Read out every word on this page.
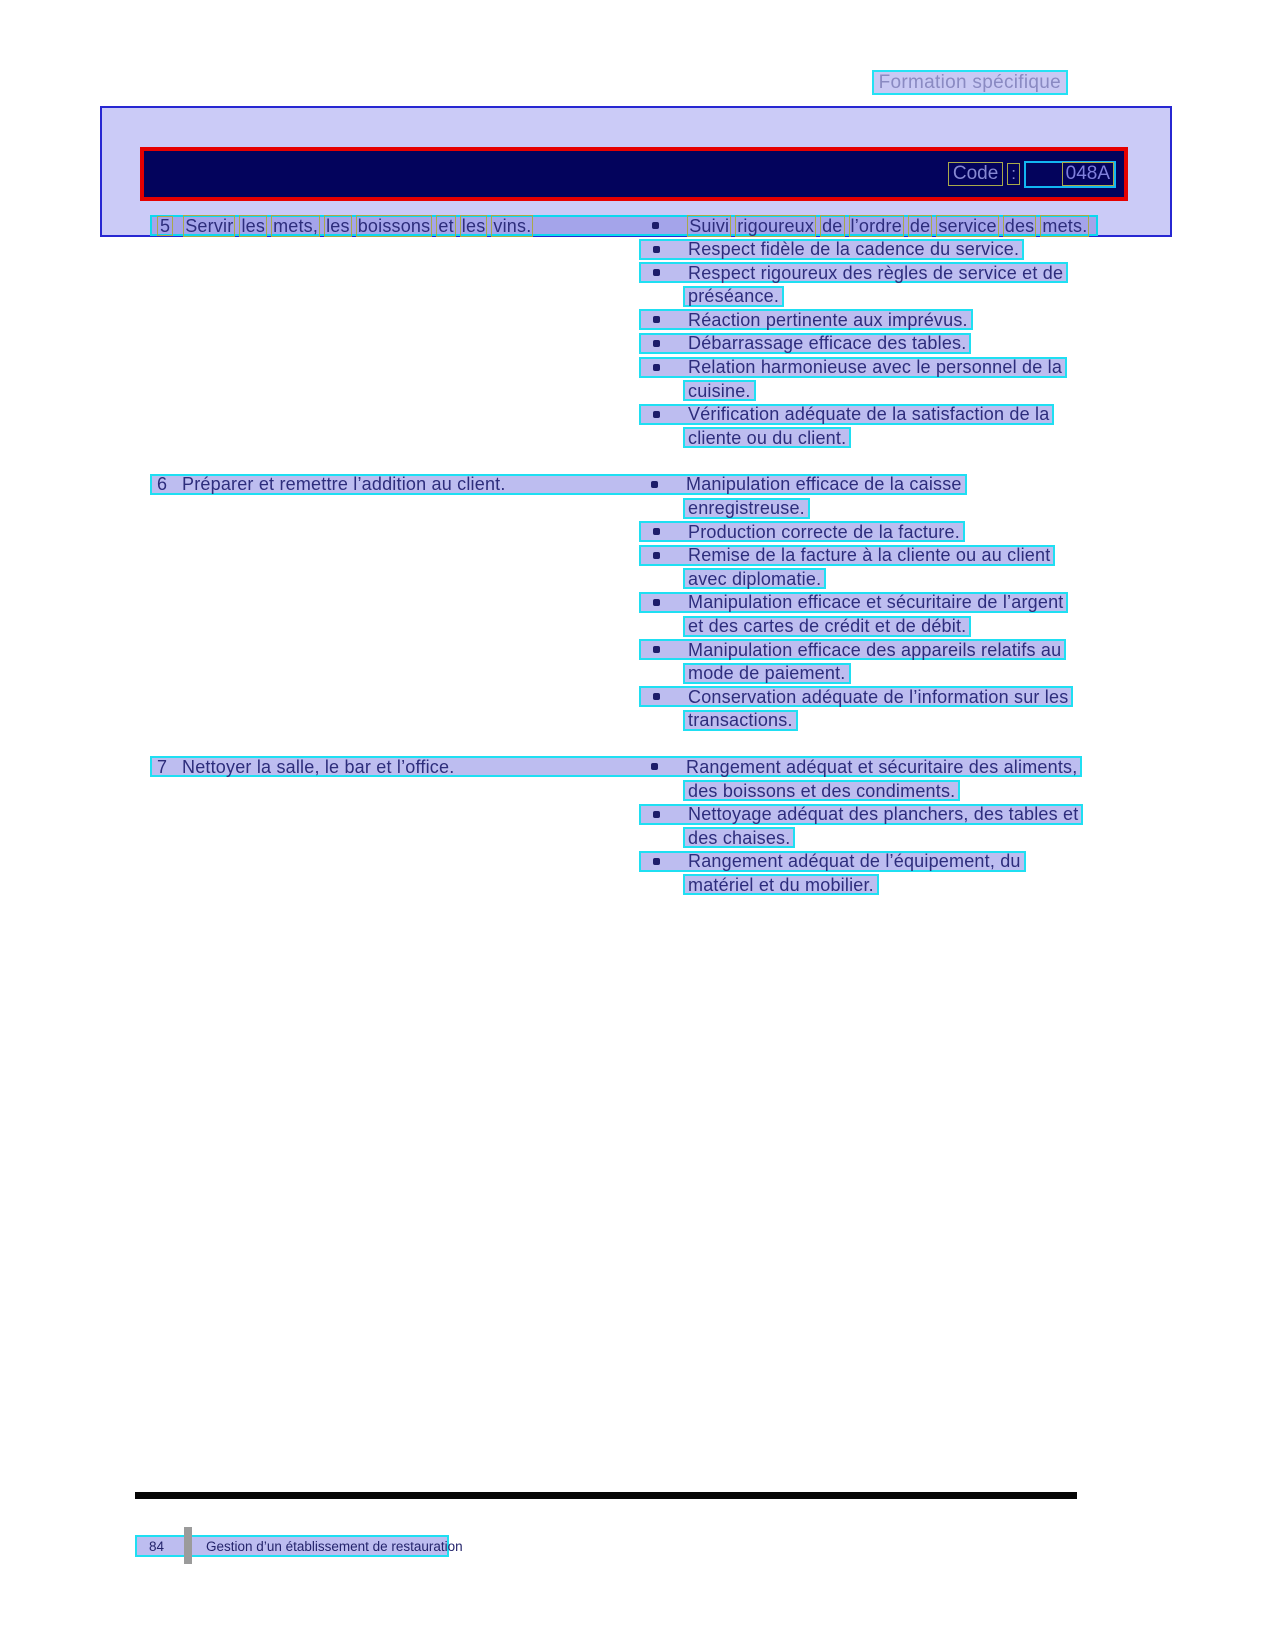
Formation spécifique
Code :	048A
5 Servir les mets, les boissons et les vins.	Suivi rigoureux de l’ordre de service des mets.
Respect fidèle de la cadence du service.
Respect rigoureux des règles de service et de
préséance.
Réaction pertinente aux imprévus.
Débarrassage efficace des tables.
Relation harmonieuse avec le personnel de la
cuisine.
Vérification adéquate de la satisfaction de la
cliente ou du client.
6 Préparer et remettre l’addition au client.	Manipulation efficace de la caisse
enregistreuse.
Production correcte de la facture.
Remise de la facture à la cliente ou au client
avec diplomatie.
Manipulation efficace et sécuritaire de l’argent
et des cartes de crédit et de débit.
Manipulation efficace des appareils relatifs au
mode de paiement.
Conservation adéquate de l’information sur les
transactions.
7 Nettoyer la salle, le bar et l’office.	Rangement adéquat et sécuritaire des aliments,
des boissons et des condiments.
Nettoyage adéquat des planchers, des tables et
des chaises.
Rangement adéquat de l’équipement, du
matériel et du mobilier.
84	Gestion d’un établissement de restauration
